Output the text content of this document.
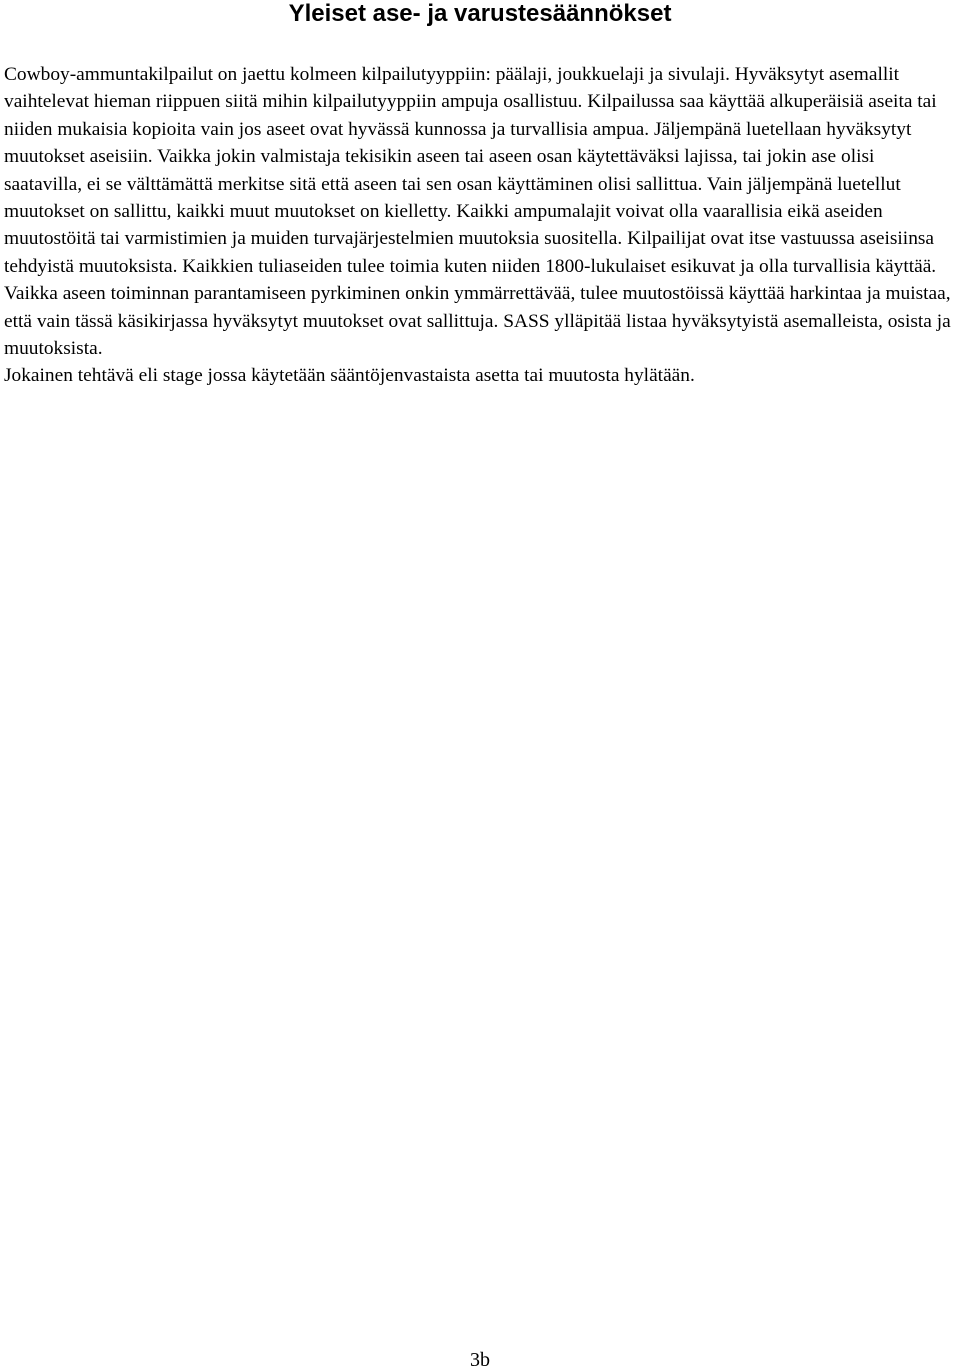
Yleiset ase- ja varustesäännökset

Cowboy-ammuntakilpailut on jaettu kolmeen kilpailutyyppiin: päälaji, joukkuelaji ja sivulaji. Hyväksytyt asemallit vaihtelevat hieman riippuen siitä mihin kilpailutyyppiin ampuja osallistuu. Kilpailussa saa käyttää alkuperäisiä aseita tai niiden mukaisia kopioita vain jos aseet ovat hyvässä kunnossa ja turvallisia ampua. Jäljempänä luetellaan hyväksytyt muutokset aseisiin. Vaikka jokin valmistaja tekisikin aseen tai aseen osan käytettäväksi lajissa, tai jokin ase olisi saatavilla, ei se välttämättä merkitse sitä että aseen tai sen osan käyttäminen olisi sallittua. Vain jäljempänä luetellut muutokset on sallittu, kaikki muut muutokset on kielletty. Kaikki ampumalajit voivat olla vaarallisia eikä aseiden muutostöitä tai varmistimien ja muiden turvajärjestelmien muutoksia suositella. Kilpailijat ovat itse vastuussa aseisiinsa tehdyistä muutoksista. Kaikkien tuliaseiden tulee toimia kuten niiden 1800-lukulaiset esikuvat ja olla turvallisia käyttää.

Vaikka aseen toiminnan parantamiseen pyrkiminen onkin ymmärrettävää, tulee muutostöissä käyttää harkintaa ja muistaa, että vain tässä käsikirjassa hyväksytyt muutokset ovat sallittuja. SASS ylläpitää listaa hyväksytyistä asemalleista, osista ja muutoksista.

Jokainen tehtävä eli stage jossa käytetään sääntöjenvastaista asetta tai muutosta hylätään.

3b
